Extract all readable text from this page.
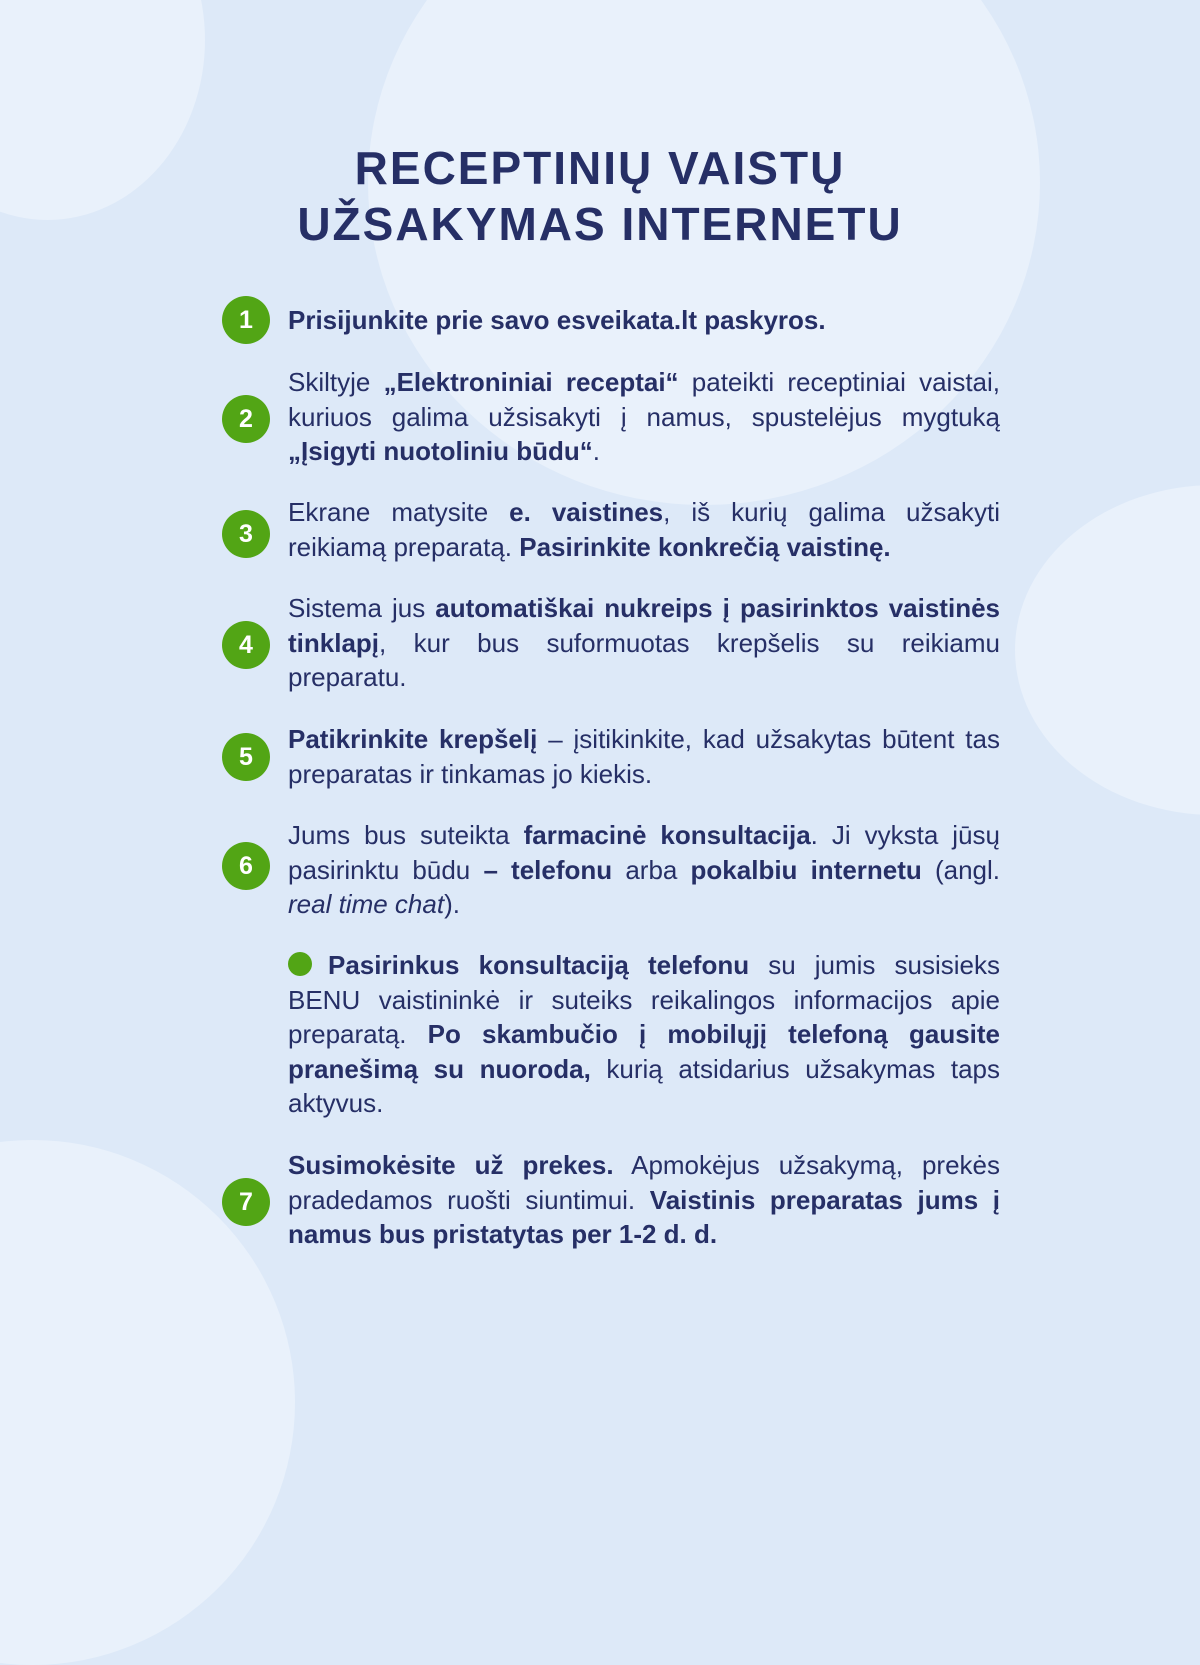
RECEPTINIŲ VAISTŲ
UŽSAKYMAS INTERNETU
1	Prisijunkite prie savo esveikata.lt paskyros.
2
Skiltyje „Elektroniniai receptai“ pateikti receptiniai vaistai, kuriuos galima užsisakyti į namus, spustelėjus mygtuką „Įsigyti nuotoliniu būdu“.
3
Ekrane matysite e. vaistines, iš kurių galima užsakyti reikiamą preparatą. Pasirinkite konkrečią vaistinę.
4
Sistema jus automatiškai nukreips į pasirinktos vaistinės tinklapį, kur bus suformuotas krepšelis su reikiamu preparatu.
5
Patikrinkite krepšelį – įsitikinkite, kad užsakytas būtent tas preparatas ir tinkamas jo kiekis.
6
Jums bus suteikta farmacinė konsultacija. Ji vyksta jūsų pasirinktu būdu – telefonu arba pokalbiu internetu (angl. real time chat).
Pasirinkus konsultaciją telefonu su jumis susisieks BENU vaistininkė ir suteiks reikalingos informacijos apie preparatą. Po skambučio į mobilųjį telefoną gausite pranešimą su nuoroda, kurią atsidarius užsakymas taps aktyvus.
7
Susimokėsite už prekes. Apmokėjus užsakymą, prekės pradedamos ruošti siuntimui. Vaistinis preparatas jums į namus bus pristatytas per 1-2 d. d.
